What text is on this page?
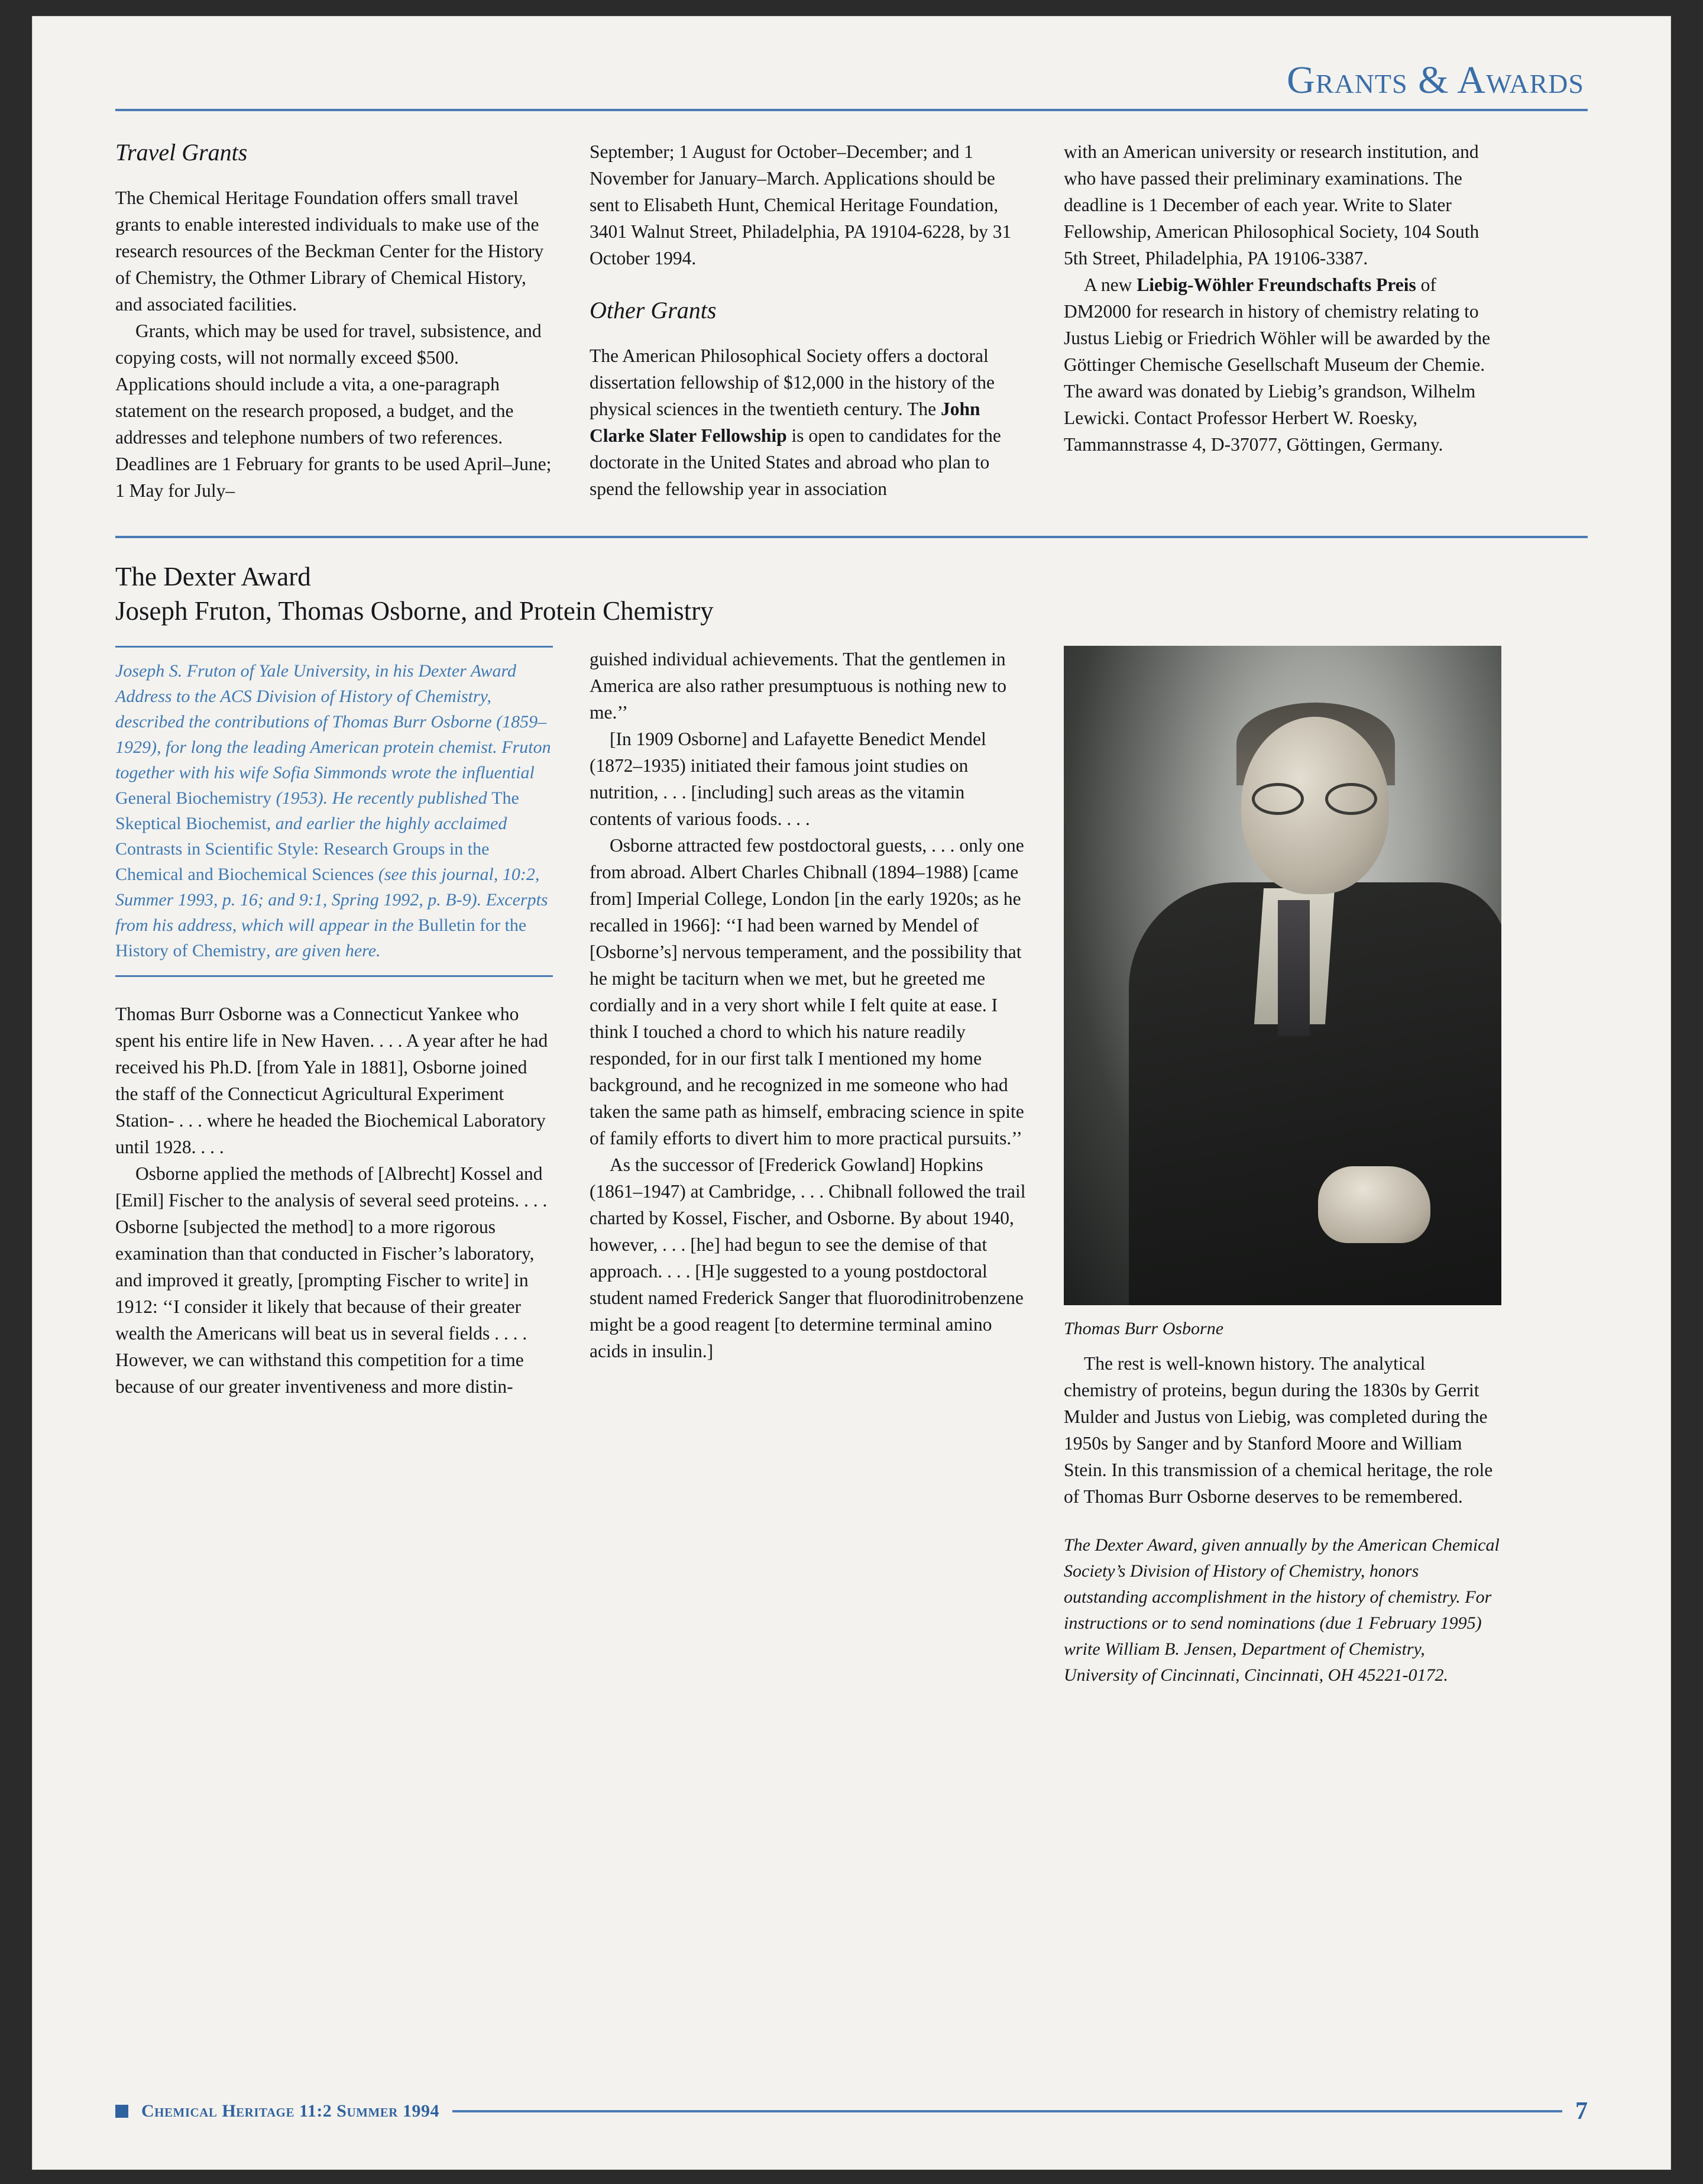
Grants & Awards
Travel Grants

The Chemical Heritage Foundation offers small travel grants to enable interested individuals to make use of the research resources of the Beckman Center for the History of Chemistry, the Othmer Library of Chemical History, and associated facilities.

Grants, which may be used for travel, subsistence, and copying costs, will not normally exceed $500. Applications should include a vita, a one-paragraph statement on the research proposed, a budget, and the addresses and telephone numbers of two references. Deadlines are 1 February for grants to be used April–June; 1 May for July–

September; 1 August for October–December; and 1 November for January–March. Applications should be sent to Elisabeth Hunt, Chemical Heritage Foundation, 3401 Walnut Street, Philadelphia, PA 19104-6228, by 31 October 1994.

Other Grants

The American Philosophical Society offers a doctoral dissertation fellowship of $12,000 in the history of the physical sciences in the twentieth century. The John Clarke Slater Fellowship is open to candidates for the doctorate in the United States and abroad who plan to spend the fellowship year in association

with an American university or research institution, and who have passed their preliminary examinations. The deadline is 1 December of each year. Write to Slater Fellowship, American Philosophical Society, 104 South 5th Street, Philadelphia, PA 19106-3387.

A new Liebig-Wöhler Freundschafts Preis of DM2000 for research in history of chemistry relating to Justus Liebig or Friedrich Wöhler will be awarded by the Göttinger Chemische Gesellschaft Museum der Chemie. The award was donated by Liebig’s grandson, Wilhelm Lewicki. Contact Professor Herbert W. Roesky, Tammannstrasse 4, D-37077, Göttingen, Germany.

The Dexter Award
Joseph Fruton, Thomas Osborne, and Protein Chemistry
Joseph S. Fruton of Yale University, in his Dexter Award Address to the ACS Division of History of Chemistry, described the contributions of Thomas Burr Osborne (1859–1929), for long the leading American protein chemist. Fruton together with his wife Sofia Simmonds wrote the influential General Biochemistry (1953). He recently published The Skeptical Biochemist, and earlier the highly acclaimed Contrasts in Scientific Style: Research Groups in the Chemical and Biochemical Sciences (see this journal, 10:2, Summer 1993, p. 16; and 9:1, Spring 1992, p. B-9). Excerpts from his address, which will appear in the Bulletin for the History of Chemistry, are given here.

Thomas Burr Osborne was a Connecticut Yankee who spent his entire life in New Haven. . . . A year after he had received his Ph.D. [from Yale in 1881], Osborne joined the staff of the Connecticut Agricultural Experiment Station- . . . where he headed the Biochemical Laboratory until 1928. . . .

Osborne applied the methods of [Albrecht] Kossel and [Emil] Fischer to the analysis of several seed proteins. . . . Osborne [subjected the method] to a more rigorous examination than that conducted in Fischer’s laboratory, and improved it greatly, [prompting Fischer to write] in 1912: ‘‘I consider it likely that because of their greater wealth the Americans will beat us in several fields . . . . However, we can withstand this competition for a time because of our greater inventiveness and more distin-

guished individual achievements. That the gentlemen in America are also rather presumptuous is nothing new to me.’’

[In 1909 Osborne] and Lafayette Benedict Mendel (1872–1935) initiated their famous joint studies on nutrition, . . . [including] such areas as the vitamin contents of various foods. . . .

Osborne attracted few postdoctoral guests, . . . only one from abroad. Albert Charles Chibnall (1894–1988) [came from] Imperial College, London [in the early 1920s; as he recalled in 1966]: ‘‘I had been warned by Mendel of [Osborne’s] nervous temperament, and the possibility that he might be taciturn when we met, but he greeted me cordially and in a very short while I felt quite at ease. I think I touched a chord to which his nature readily responded, for in our first talk I mentioned my home background, and he recognized in me someone who had taken the same path as himself, embracing science in spite of family efforts to divert him to more practical pursuits.’’

As the successor of [Frederick Gowland] Hopkins (1861–1947) at Cambridge, . . . Chibnall followed the trail charted by Kossel, Fischer, and Osborne. By about 1940, however, . . . [he] had begun to see the demise of that approach. . . . [H]e suggested to a young postdoctoral student named Frederick Sanger that fluorodinitrobenzene might be a good reagent [to determine terminal amino acids in insulin.]

Thomas Burr Osborne

The rest is well-known history. The analytical chemistry of proteins, begun during the 1830s by Gerrit Mulder and Justus von Liebig, was completed during the 1950s by Sanger and by Stanford Moore and William Stein. In this transmission of a chemical heritage, the role of Thomas Burr Osborne deserves to be remembered.

The Dexter Award, given annually by the American Chemical Society’s Division of History of Chemistry, honors outstanding accomplishment in the history of chemistry. For instructions or to send nominations (due 1 February 1995) write William B. Jensen, Department of Chemistry, University of Cincinnati, Cincinnati, OH 45221-0172.
Chemical Heritage 11:2 Summer 1994	7
